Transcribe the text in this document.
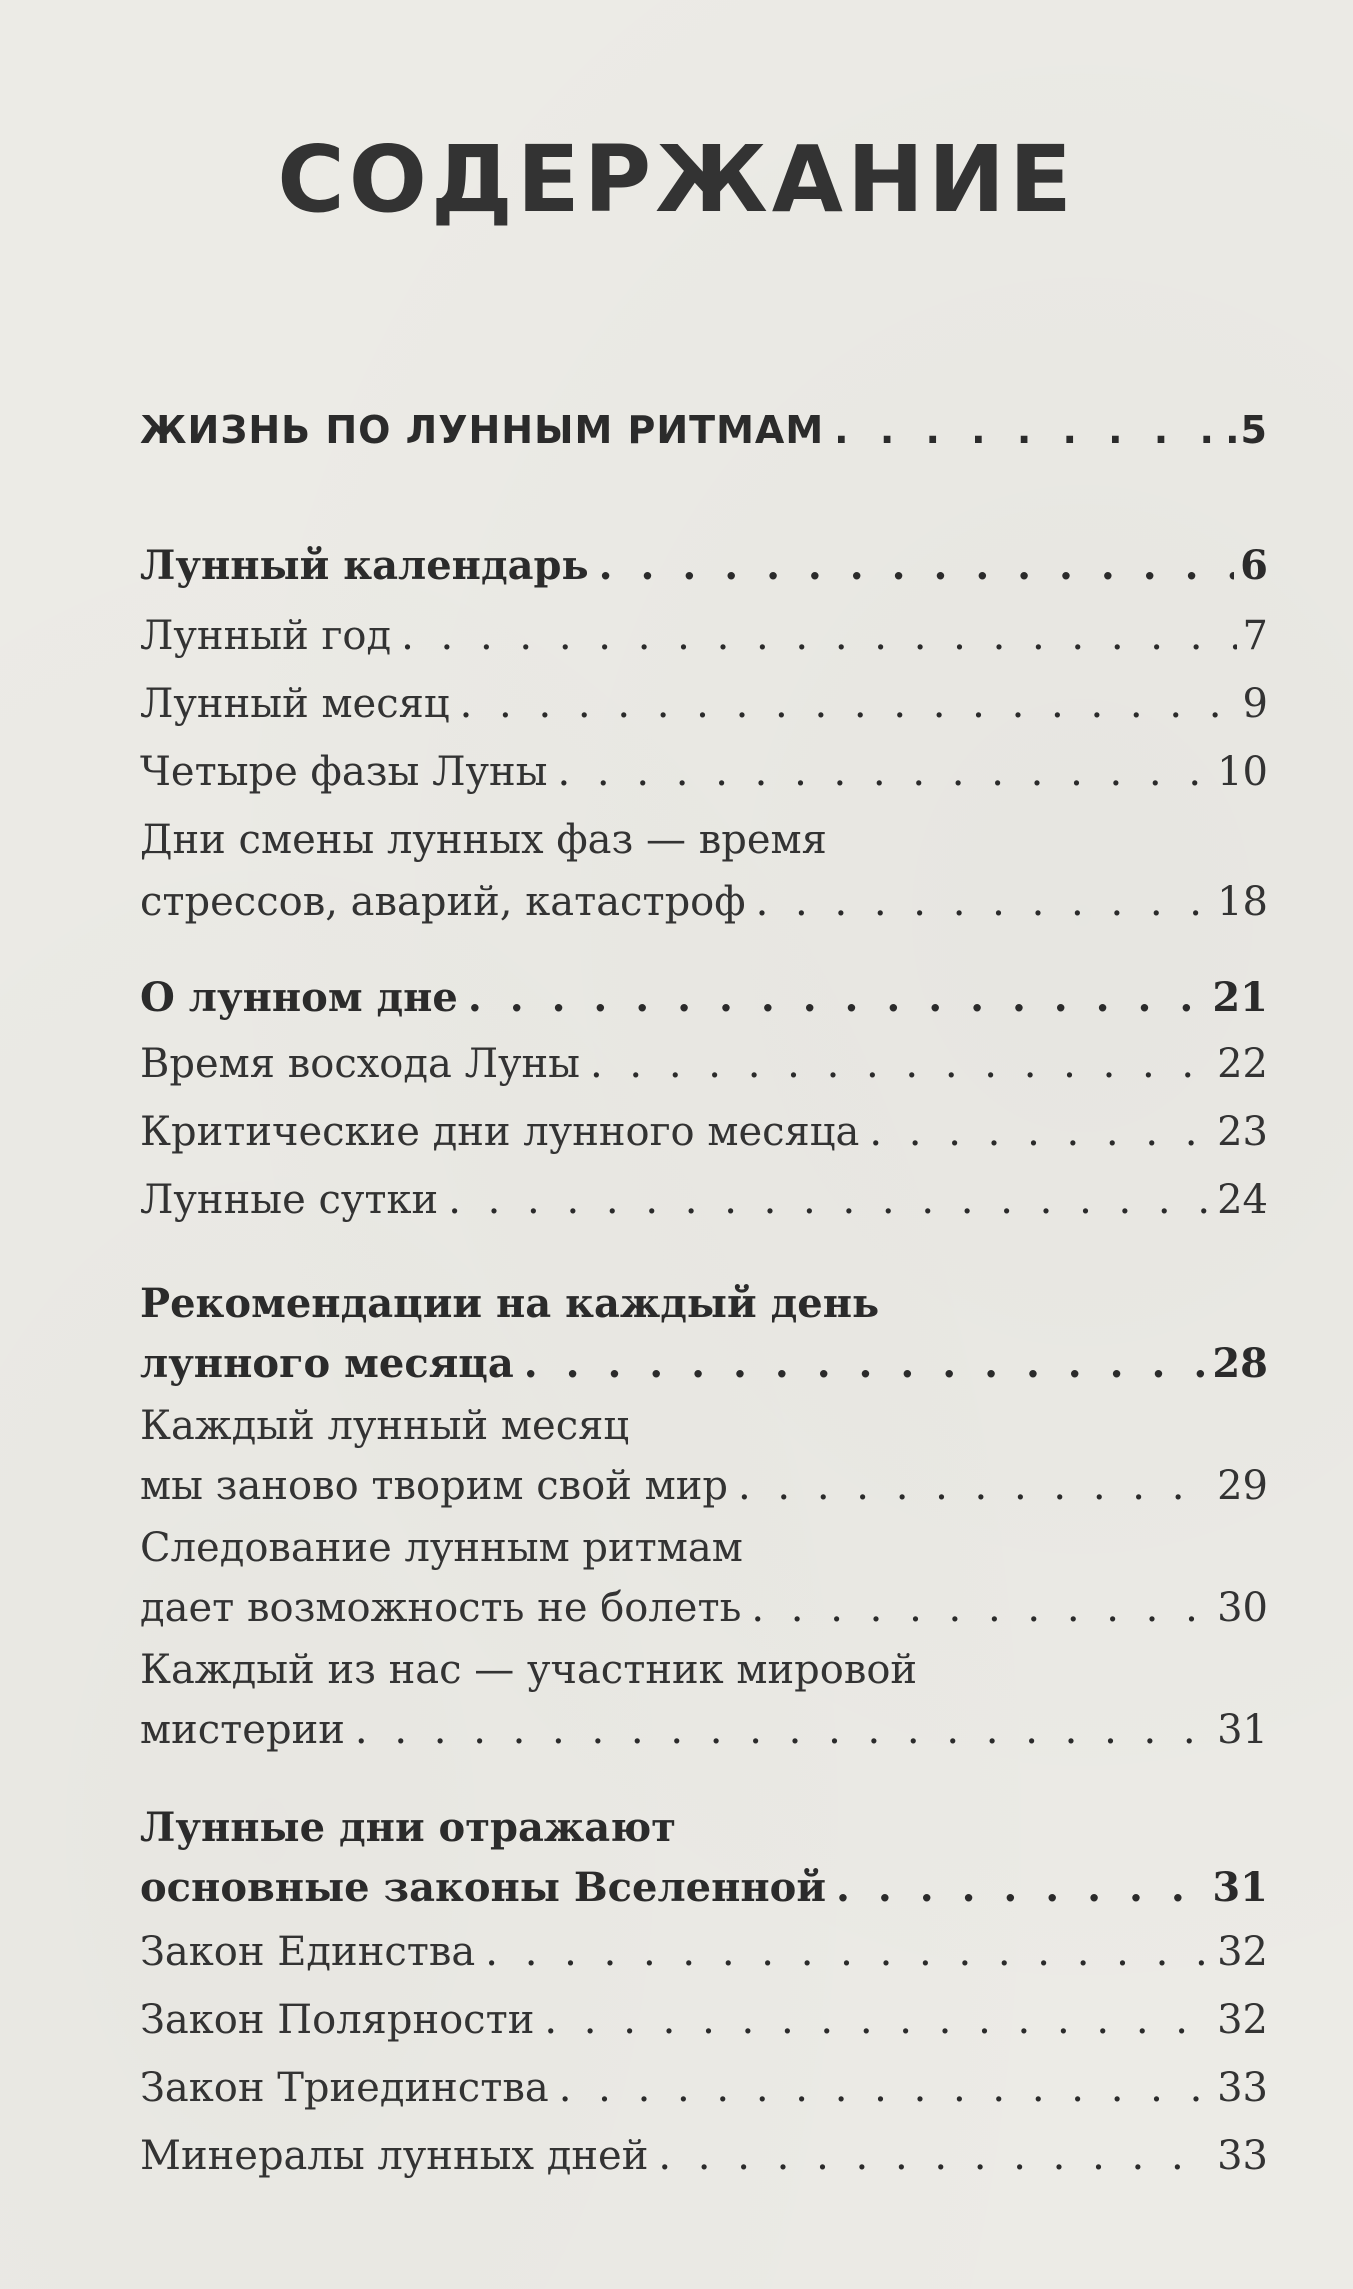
СОДЕРЖАНИЕ
ЖИЗНЬ ПО ЛУННЫМ РИТМАМ . . .	.5
Лунный календарь . . .	6
Лунный год . . .	7
Лунный месяц . . .	9
Четыре фазы Луны . . .	10
Дни смены лунных фаз — время
стрессов, аварий, катастроф . . .	18
О лунном дне . . .	21
Время восхода Луны . . .	22
Критические дни лунного месяца . . .	23
Лунные сутки . . .	24
Рекомендации на каждый день
лунного месяца . . .	28
Каждый лунный месяц
мы заново творим свой мир . . .	29
Следование лунным ритмам
дает возможность не болеть . . .	30
Каждый из нас — участник мировой
мистерии . . .	31
Лунные дни отражают
основные законы Вселенной . . .	31
Закон Единства . . .	32
Закон Полярности . . .	32
Закон Триединства . . .	33
Минералы лунных дней . . .	33
